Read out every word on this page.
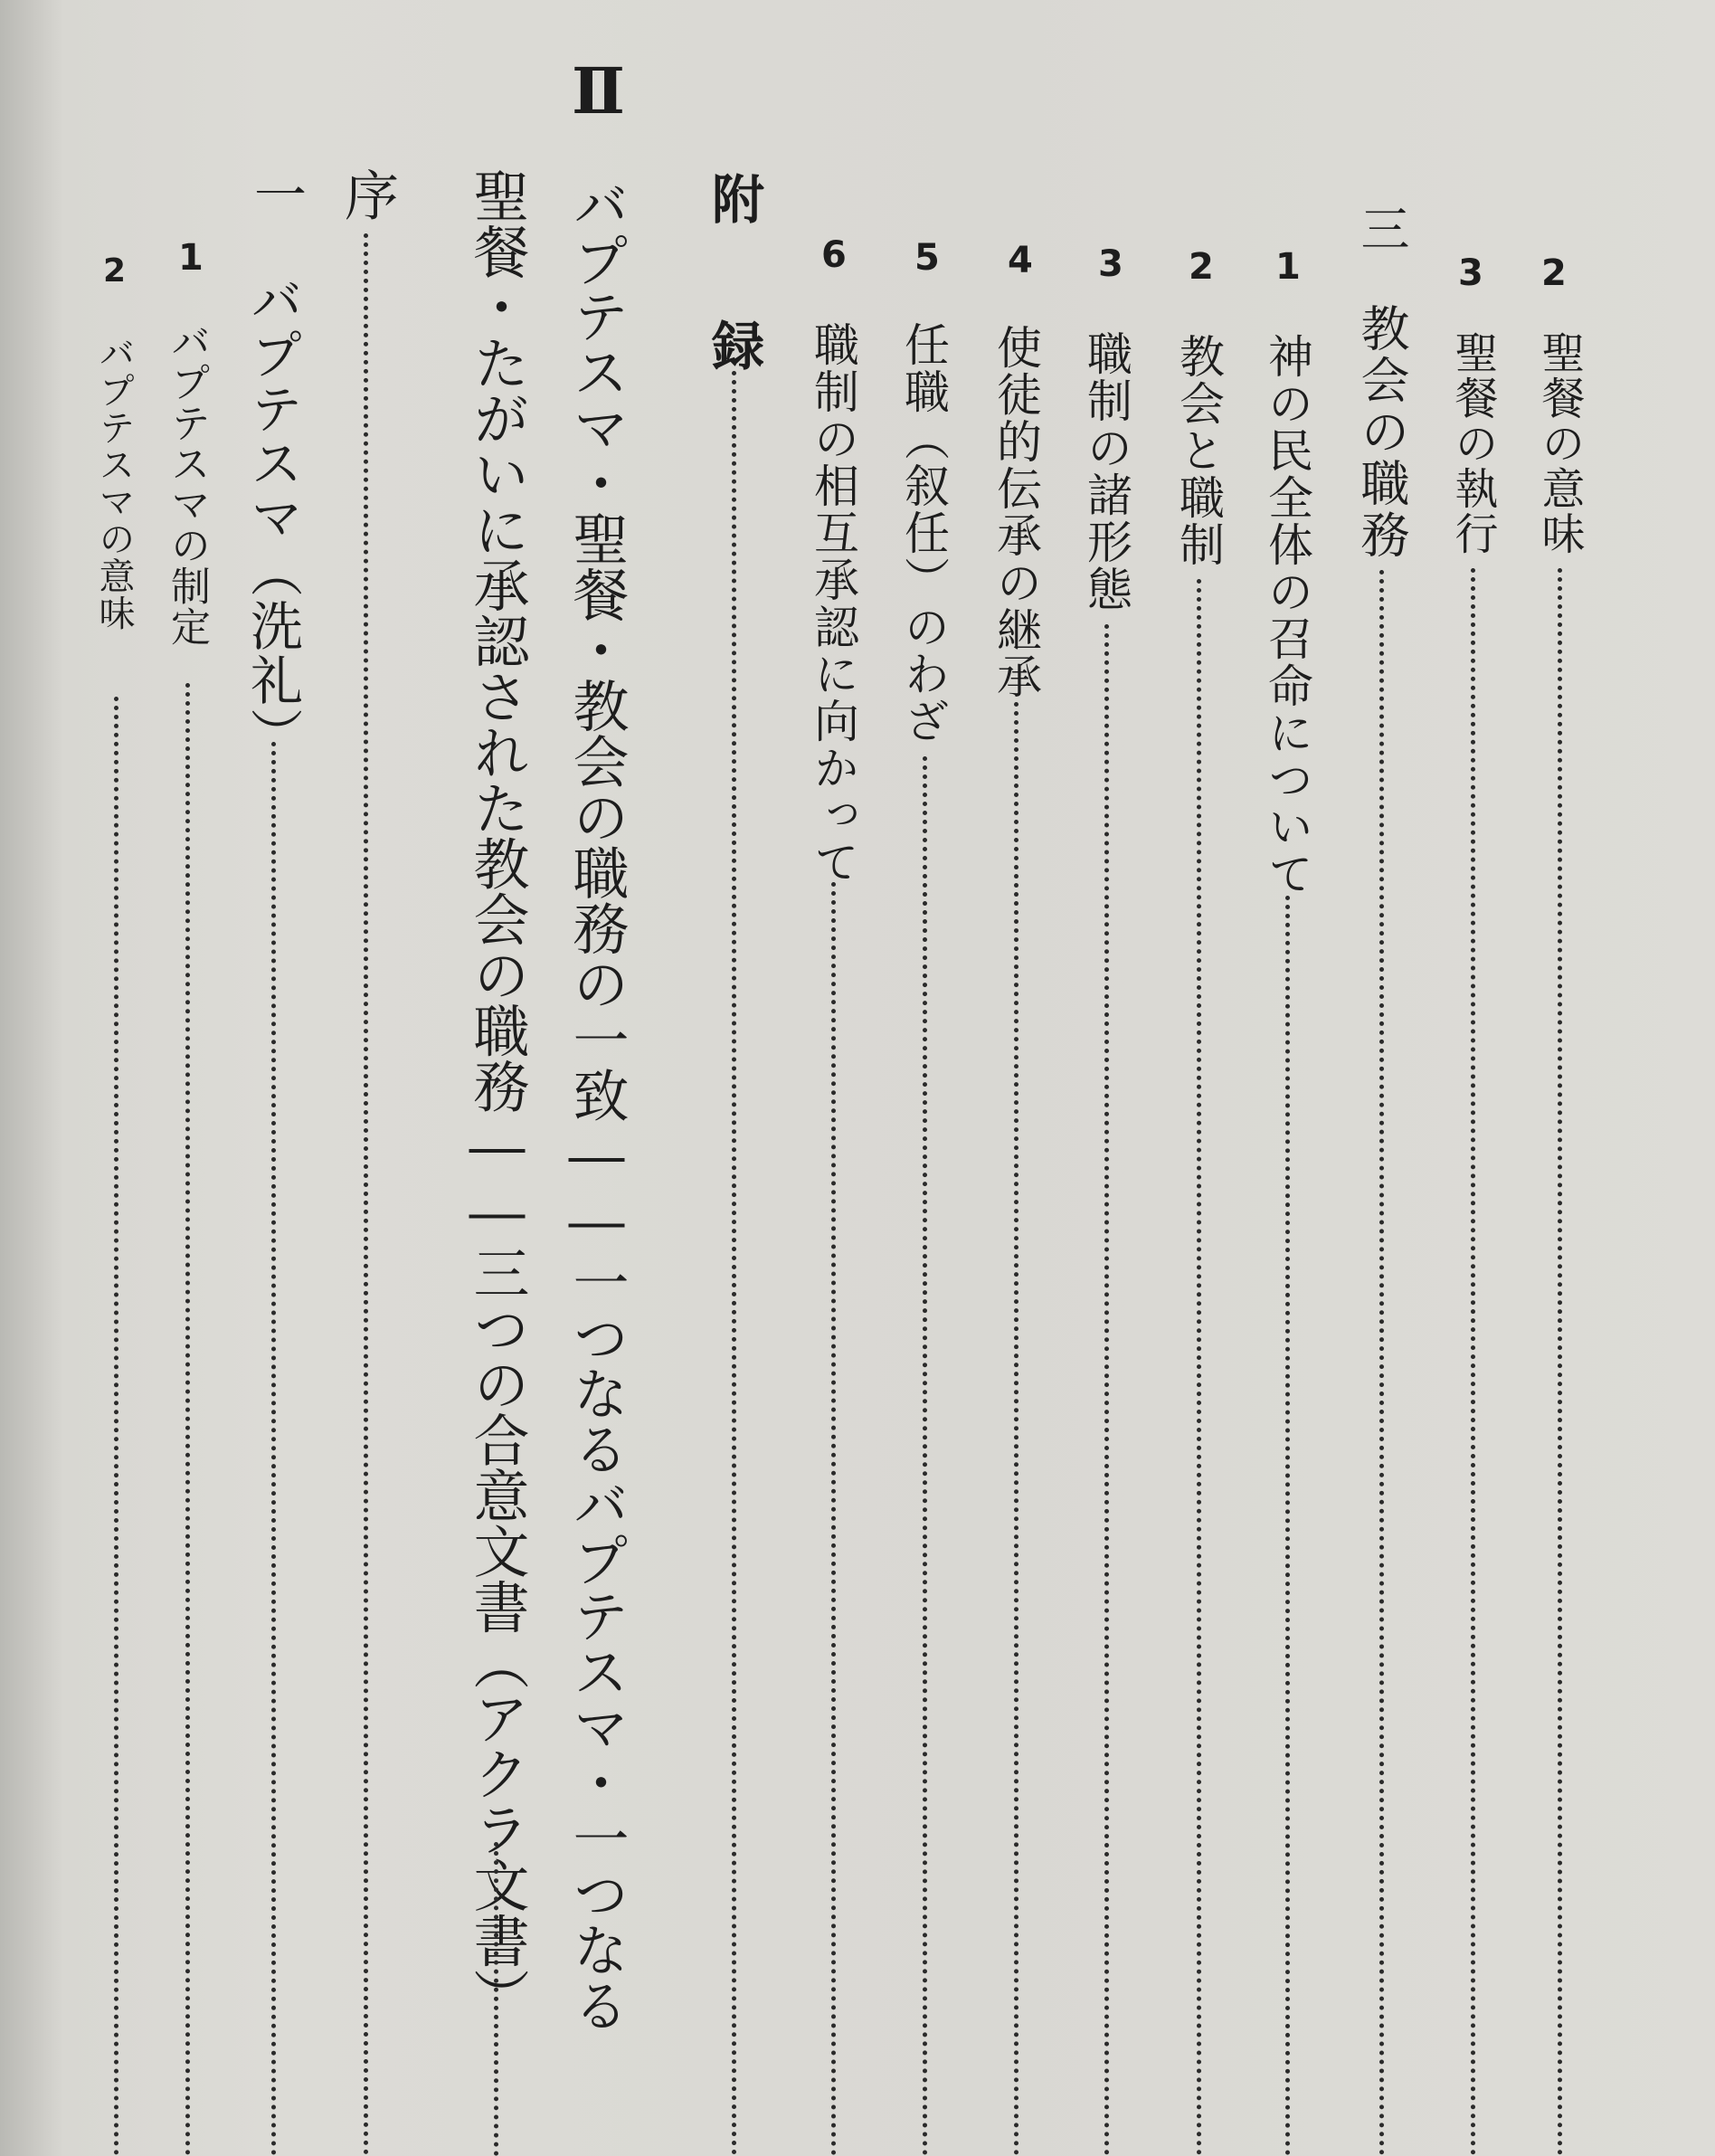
2
聖餐の意味
3
聖餐の執行
三
教会の職務
1
神の民全体の召命について
2
教会と職制
3
職制の諸形態
4
使徒的伝承の継承
5
任職（叙任）のわざ
6
職制の相互承認に向かって
附 録
Ⅱ
バプテスマ・聖餐・教会の職務の一致――一つなるバプテスマ・一つなる
聖餐・たがいに承認された教会の職務――三つの合意文書（アクラ文書）
序
一
バプテスマ（洗礼）
1
バプテスマの制定
2
バプテスマの意味
